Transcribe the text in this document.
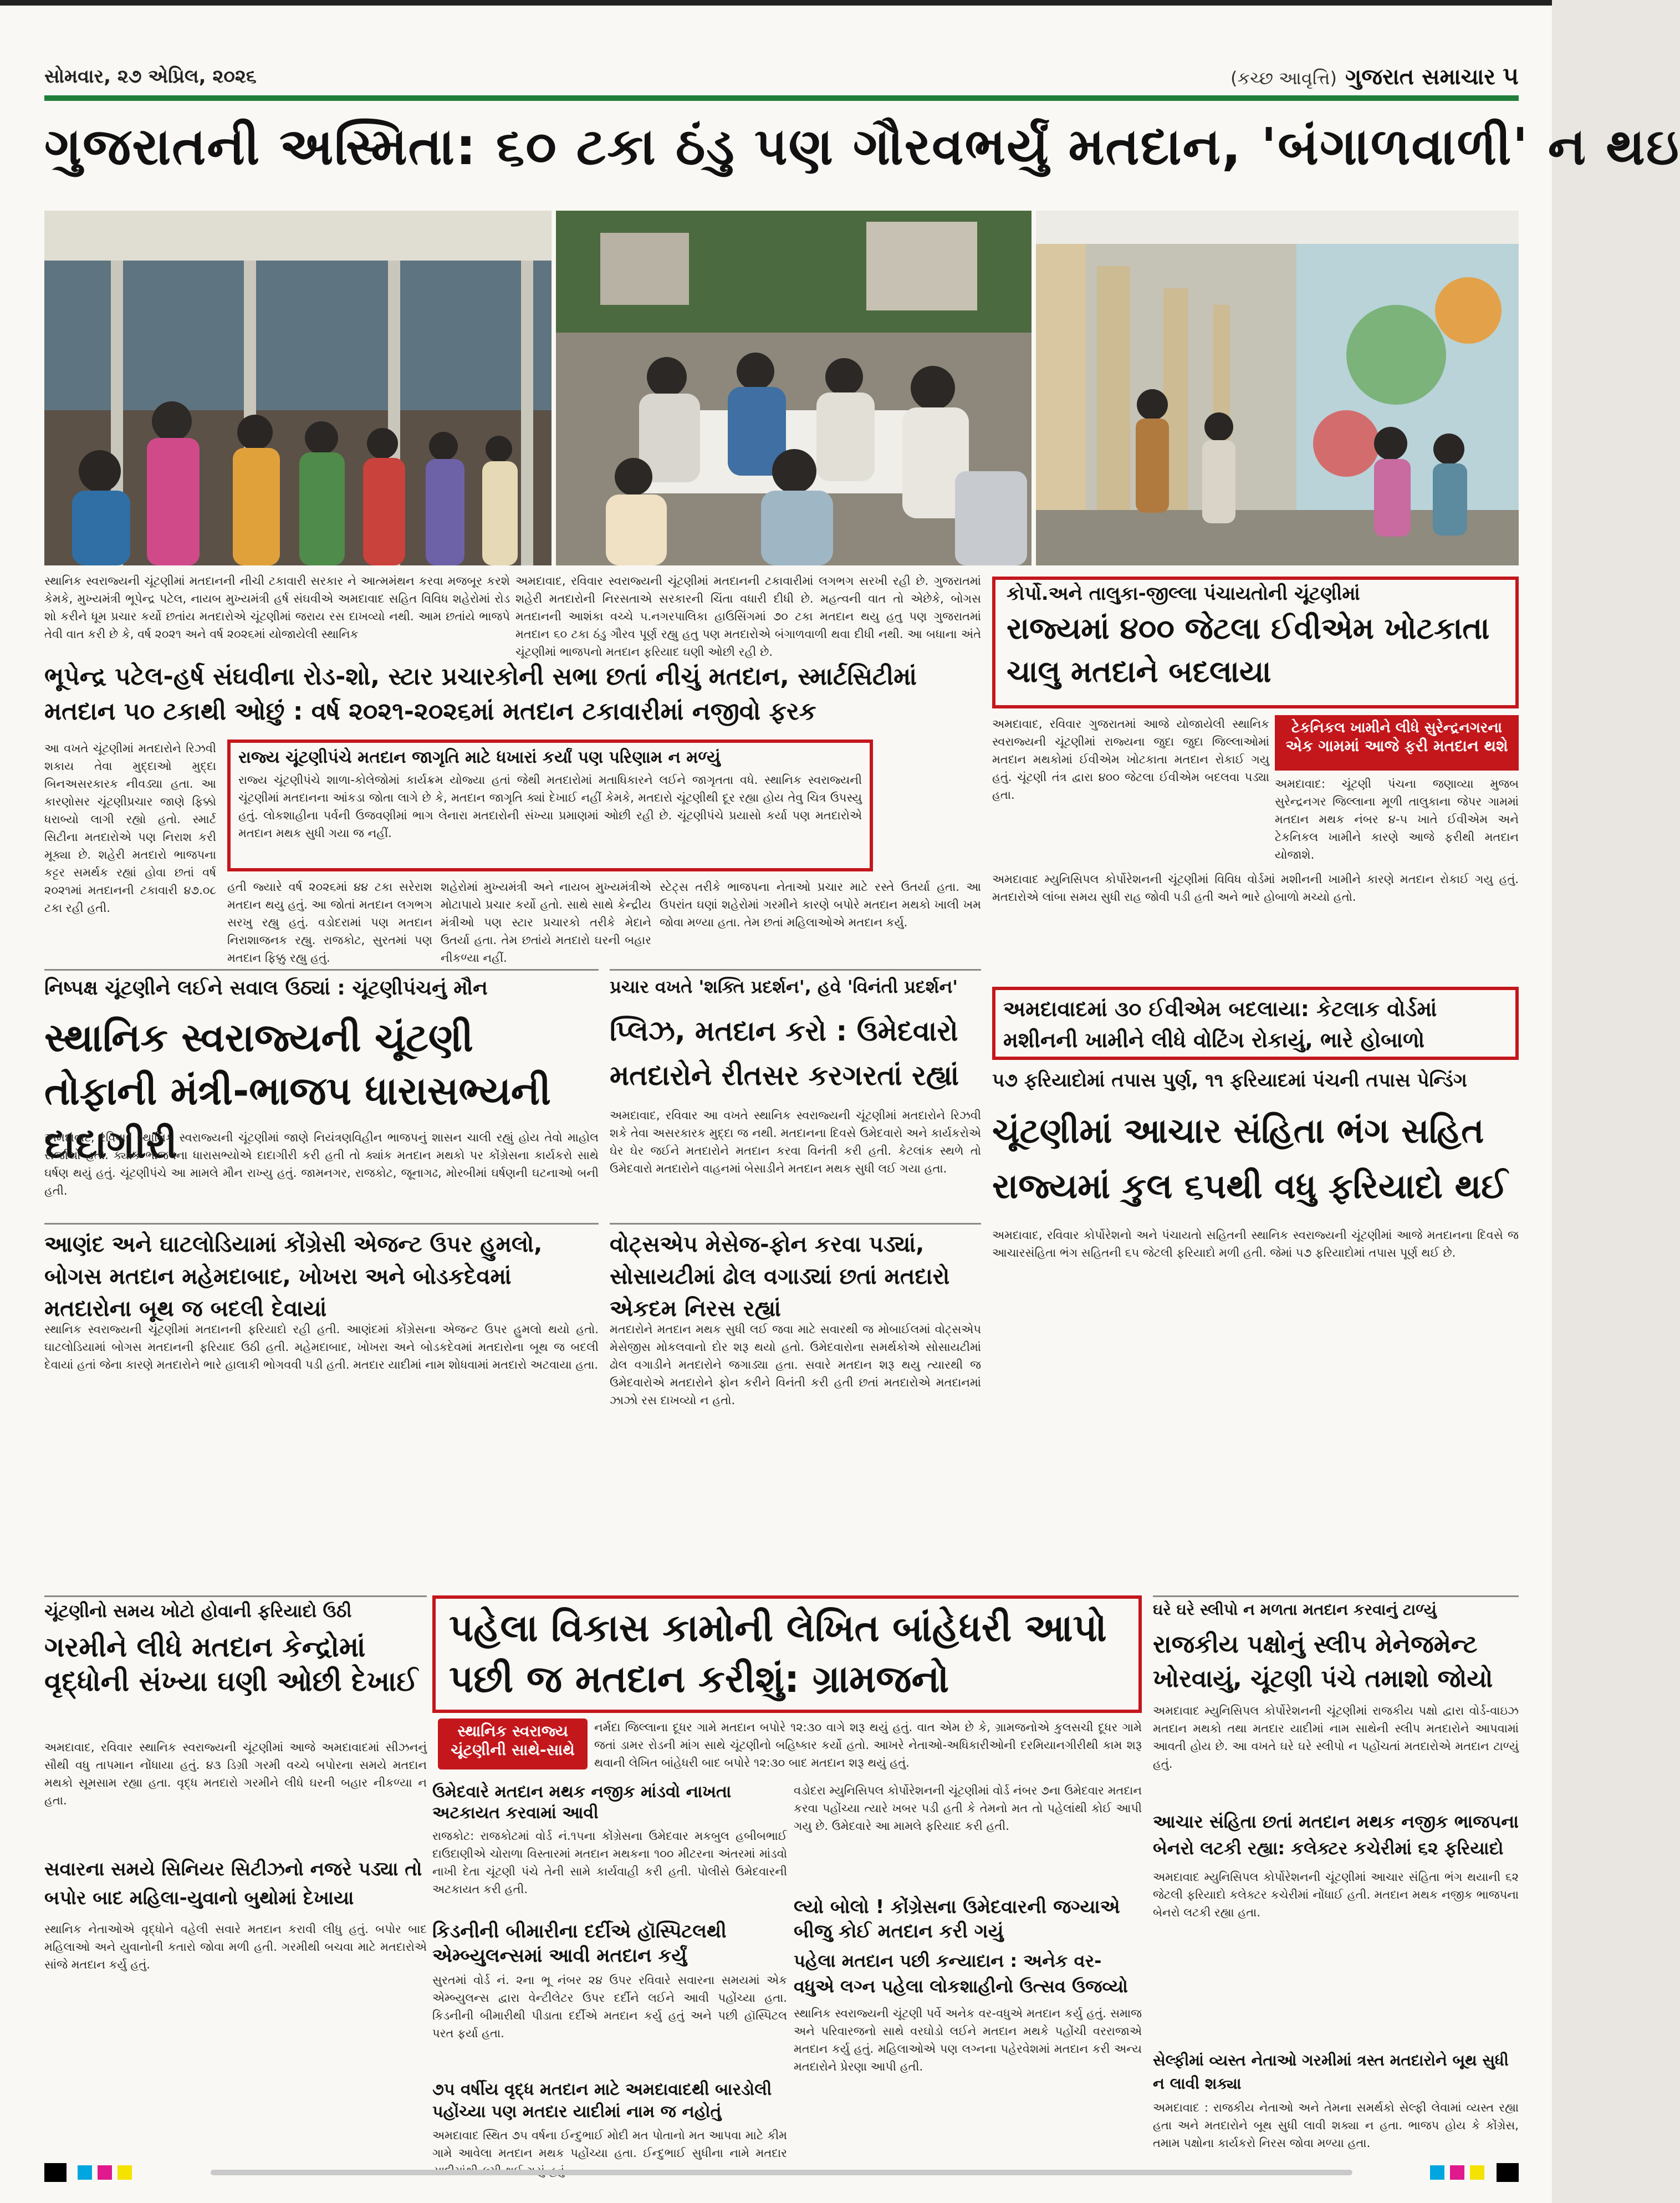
સોમવાર, ૨૭ એપ્રિલ, ૨૦૨૬	(કચ્છ આવૃત્તિ) ગુજરાત સમાચાર ૫
ગુજરાતની અસ્મિતા: ૬૦ ટકા ઠંડુ પણ ગૌરવભર્યું મતદાન, 'બંગાળવાળી' ન થઇ
સ્થાનિક સ્વરાજ્યની ચૂંટણીમાં મતદાનની નીચી ટકાવારી સરકાર ને આત્મમંથન કરવા મજબૂર કરશે કેમકે, મુખ્યમંત્રી ભૂપેન્દ્ર પટેલ, નાયબ મુખ્યમંત્રી હર્ષ સંઘવીએ અમદાવાદ સહિત વિવિધ શહેરોમાં રોડ શો કરીને ધૂમ પ્રચાર કર્યો છતાંય મતદારોએ ચૂંટણીમાં જરાય રસ દાખવ્યો નથી. આમ છતાંયે ભાજપે તેવી વાત કરી છે કે, વર્ષ ૨૦૨૧ અને વર્ષ ૨૦૨૬માં યોજાયેલી સ્થાનિક
અમદાવાદ, રવિવાર સ્વરાજ્યની ચૂંટણીમાં મતદાનની ટકાવારીમાં લગભગ સરખી રહી છે. ગુજરાતમાં શહેરી મતદારોની નિરસતાએ સરકારની ચિંતા વધારી દીધી છે. મહત્વની વાત તો એછેકે, બોગસ મતદાનની આશંકા વચ્ચે ૫.નગરપાલિકા હાઉસિંગમાં ૭૦ ટકા મતદાન થયુ હતુ પણ ગુજરાતમાં મતદાન ૬૦ ટકા ઠંડુ ગૌરવ પૂર્ણ રહ્યુ હતુ પણ મતદારોએ બંગાળવાળી થવા દીધી નથી. આ બધાના અંતે ચૂંટણીમાં ભાજપનો મતદાન ફરિયાદ ઘણી ઓછી રહી છે.
ભૂપેન્દ્ર પટેલ-હર્ષ સંઘવીના રોડ-શો, સ્ટાર પ્રચારકોની સભા છતાં નીચું મતદાન, સ્માર્ટસિટીમાં
મતદાન ૫૦ ટકાથી ઓછું : વર્ષ ૨૦૨૧-૨૦૨૬માં મતદાન ટકાવારીમાં નજીવો ફરક
આ વખતે ચૂંટણીમાં મતદારોને રિઝવી શકાય તેવા મુદ્દાઓ મુદ્દા બિનઅસરકારક નીવડ્યા હતા. આ કારણોસર ચૂંટણીપ્રચાર જાણે ફિક્કો ધરાબ્યો લાગી રહ્યો હતો. સ્માર્ટ સિટીના મતદારોએ પણ નિરાશ કરી મૂક્યા છે. શહેરી મતદારો ભાજપના કટ્ટર સમર્થક રહ્યાં હોવા છતાં વર્ષ ૨૦૨૧માં મતદાનની ટકાવારી ૪૭.૦૮ ટકા રહી હતી.
રાજ્ય ચૂંટણીપંચે મતદાન જાગૃતિ માટે ધખારાં કર્યાં પણ પરિણામ ન મળ્યું
રાજ્ય ચૂંટણીપંચે શાળા-કોલેજોમાં કાર્યક્રમ યોજ્યા હતાં જેથી મતદારોમાં મતાધિકારને લઈને જાગૃતતા વધે. સ્થાનિક સ્વરાજ્યની ચૂંટણીમાં મતદાનના આંકડા જોતા લાગે છે કે, મતદાન જાગૃતિ ક્યાં દેખાઈ નહીં કેમકે, મતદારો ચૂંટણીથી દૂર રહ્યા હોય તેવુ ચિત્ર ઉપસ્યુ હતું. લોકશાહીના પર્વની ઉજવણીમાં ભાગ લેનારા મતદારોની સંખ્યા પ્રમાણમાં ઓછી રહી છે. ચૂંટણીપંચે પ્રયાસો કર્યા પણ મતદારોએ મતદાન મથક સુધી ગયા જ નહીં.
હતી જ્યારે વર્ષ ૨૦૨૬માં ૪૪ ટકા સરેરાશ મતદાન થયુ હતું. આ જોતાં મતદાન લગભગ સરખુ રહ્યુ હતું. વડોદરામાં પણ મતદાન નિરાશાજનક રહ્યુ. રાજકોટ, સુરતમાં પણ મતદાન ફિક્કુ રહ્યુ હતું.
શહેરોમાં મુખ્યમંત્રી અને નાયબ મુખ્યમંત્રીએ મોટાપાયે પ્રચાર કર્યો હતો. સાથે સાથે કેન્દ્રીય મંત્રીઓ પણ સ્ટાર પ્રચારકો તરીકે મેદાને ઉતર્યા હતા. તેમ છતાંયે મતદારો ઘરની બહાર નીકળ્યા નહીં.
સ્ટેટ્સ તરીકે ભાજપના નેતાઓ પ્રચાર માટે રસ્તે ઉતર્યા હતા. આ ઉપરાંત ઘણાં શહેરોમાં ગરમીને કારણે બપોરે મતદાન મથકો ખાલી ખમ જોવા મળ્યા હતા. તેમ છતાં મહિલાઓએ મતદાન કર્યુ.
નિષ્પક્ષ ચૂંટણીને લઈને સવાલ ઉઠ્યાં : ચૂંટણીપંચનું મૌન
સ્થાનિક સ્વરાજ્યની ચૂંટણી તોફાની મંત્રી-ભાજપ ધારાસભ્યની દાદાગીરી
અમદાવાદ, રવિવાર સ્થાનિક સ્વરાજ્યની ચૂંટણીમાં જાણે નિયંત્રણવિહીન ભાજપનું શાસન ચાલી રહ્યું હોય તેવો માહોલ સર્જાયો હતો. ક્યાંક ભાજપના ધારાસભ્યોએ દાદાગીરી કરી હતી તો ક્યાંક મતદાન મથકો પર કોંગ્રેસના કાર્યકરો સાથે ઘર્ષણ થયું હતું. ચૂંટણીપંચે આ મામલે મૌન રાખ્યુ હતું. જામનગર, રાજકોટ, જૂનાગઢ, મોરબીમાં ઘર્ષણની ઘટનાઓ બની હતી.
પ્રચાર વખતે 'શક્તિ પ્રદર્શન', હવે 'વિનંતી પ્રદર્શન'
પ્લિઝ, મતદાન કરો : ઉમેદવારો મતદારોને રીતસર કરગરતાં રહ્યાં
અમદાવાદ, રવિવાર આ વખતે સ્થાનિક સ્વરાજ્યની ચૂંટણીમાં મતદારોને રિઝવી શકે તેવા અસરકારક મુદ્દા જ નથી. મતદાનના દિવસે ઉમેદવારો અને કાર્યકરોએ ઘેર ઘેર જઈને મતદારોને મતદાન કરવા વિનંતી કરી હતી. કેટલાંક સ્થળે તો ઉમેદવારો મતદારોને વાહનમાં બેસાડીને મતદાન મથક સુધી લઈ ગયા હતા.
આણંદ અને ઘાટલોડિયામાં કોંગ્રેસી એજન્ટ ઉપર હુમલો, બોગસ મતદાન મહેમદાબાદ, ખોખરા અને બોડકદેવમાં મતદારોના બૂથ જ બદલી દેવાયાં
સ્થાનિક સ્વરાજ્યની ચૂંટણીમાં મતદાનની ફરિયાદો રહી હતી. આણંદમાં કોંગ્રેસના એજન્ટ ઉપર હુમલો થયો હતો. ઘાટલોડિયામાં બોગસ મતદાનની ફરિયાદ ઉઠી હતી. મહેમદાબાદ, ખોખરા અને બોડકદેવમાં મતદારોના બૂથ જ બદલી દેવાયાં હતાં જેના કારણે મતદારોને ભારે હાલાકી ભોગવવી પડી હતી. મતદાર યાદીમાં નામ શોધવામાં મતદારો અટવાયા હતા.
વોટ્સએપ મેસેજ-ફોન કરવા પડ્યાં, સોસાયટીમાં ઢોલ વગાડ્યાં છતાં મતદારો એકદમ નિરસ રહ્યાં
મતદારોને મતદાન મથક સુધી લઈ જવા માટે સવારથી જ મોબાઈલમાં વોટ્સએપ મેસેજીસ મોકલવાનો દોર શરૂ થયો હતો. ઉમેદવારોના સમર્થકોએ સોસાયટીમાં ઢોલ વગાડીને મતદારોને જગાડ્યા હતા. સવારે મતદાન શરૂ થયુ ત્યારથી જ ઉમેદવારોએ મતદારોને ફોન કરીને વિનંતી કરી હતી છતાં મતદારોએ મતદાનમાં ઝાઝો રસ દાખવ્યો ન હતો.
ચૂંટણીનો સમય ખોટો હોવાની ફરિયાદો ઉઠી
ગરમીને લીધે મતદાન કેન્દ્રોમાં વૃદ્ધોની સંખ્યા ઘણી ઓછી દેખાઈ
અમદાવાદ, રવિવાર સ્થાનિક સ્વરાજ્યની ચૂંટણીમાં આજે અમદાવાદમાં સીઝનનું સૌથી વધુ તાપમાન નોંધાયા હતું. ૪૩ ડિગ્રી ગરમી વચ્ચે બપોરના સમયે મતદાન મથકો સૂમસામ રહ્યા હતા. વૃદ્ધ મતદારો ગરમીને લીધે ઘરની બહાર નીકળ્યા ન હતા.
સવારના સમયે સિનિયર સિટીઝનો નજરે પડ્યા તો બપોર બાદ મહિલા-યુવાનો બુથોમાં દેખાયા
સ્થાનિક નેતાઓએ વૃદ્ધોને વહેલી સવારે મતદાન કરાવી લીધુ હતું. બપોર બાદ મહિલાઓ અને યુવાનોની કતારો જોવા મળી હતી. ગરમીથી બચવા માટે મતદારોએ સાંજે મતદાન કર્યુ હતું.
પહેલા વિકાસ કામોની લેખિત બાંહેધરી આપો પછી જ મતદાન કરીશું: ગ્રામજનો
સ્થાનિક સ્વરાજ્ય
ચૂંટણીની સાથે-સાથે
નર્મદા જિલ્લાના દૂધર ગામે મતદાન બપોરે ૧૨:૩૦ વાગે શરૂ થયું હતું. વાત એમ છે કે, ગ્રામજનોએ કુલસચી દૂધર ગામે જતાં ડામર રોડની માંગ સાથે ચૂંટણીનો બહિષ્કાર કર્યો હતો. આખરે નેતાઓ-અધિકારીઓની દરમિયાનગીરીથી કામ શરૂ થવાની લેખિત બાંહેધરી બાદ બપોરે ૧૨:૩૦ બાદ મતદાન શરૂ થયું હતું.
ઉમેદવારે મતદાન મથક નજીક માંડવો નાખતા અટકાયત કરવામાં આવી
રાજકોટ: રાજકોટમાં વોર્ડ નં.૧૫ના કોંગ્રેસના ઉમેદવાર મકબુલ હબીબભાઈ દાઉદાણીએ ચોરાળા વિસ્તારમાં મતદાન મથકના ૧૦૦ મીટરના અંતરમાં માંડવો નાખી દેતા ચૂંટણી પંચે તેની સામે કાર્યવાહી કરી હતી. પોલીસે ઉમેદવારની અટકાયત કરી હતી.
કિડનીની બીમારીના દર્દીએ હૉસ્પિટલથી એમ્બ્યુલન્સમાં આવી મતદાન કર્યું
સુરતમાં વોર્ડ નં. ૨ના ભૂ નંબર ૨૪ ઉપર રવિવારે સવારના સમયમાં એક એમ્બ્યુલન્સ દ્વારા વેન્ટીલેટર ઉપર દર્દીને લઈને આવી પહોંચ્યા હતા. કિડનીની બીમારીથી પીડાતા દર્દીએ મતદાન કર્યુ હતું અને પછી હૉસ્પિટલ પરત ફર્યા હતા.
૭૫ વર્ષીય વૃદ્ધ મતદાન માટે અમદાવાદથી બારડોલી પહોંચ્યા પણ મતદાર યાદીમાં નામ જ નહોતું
અમદાવાદ સ્થિત ૭૫ વર્ષના ઈન્દુભાઈ મોદી મત પોતાનો મત આપવા માટે કીમ ગામે આવેલા મતદાન મથક પહોંચ્યા હતા. ઈન્દુભાઈ સુધીના નામે મતદાર
વડોદરા મ્યુનિસિપલ કોર્પોરેશનની ચૂંટણીમાં વોર્ડ નંબર ૭ના ઉમેદવાર મતદાન કરવા પહોંચ્યા ત્યારે ખબર પડી હતી કે તેમનો મત તો પહેલાંથી કોઈ આપી ગયુ છે. ઉમેદવારે આ મામલે ફરિયાદ કરી હતી.
લ્યો બોલો ! કોંગ્રેસના ઉમેદવારની જગ્યાએ બીજુ કોઈ મતદાન કરી ગયું
પહેલા મતદાન પછી કન્યાદાન : અનેક વર-વધુએ લગ્ન પહેલા લોકશાહીનો ઉત્સવ ઉજવ્યો
સ્થાનિક સ્વરાજ્યની ચૂંટણી પર્વે અનેક વર-વધુએ મતદાન કર્યુ હતું. સમાજ અને પરિવારજનો સાથે વરઘોડો લઈને મતદાન મથકે પહોંચી વરરાજાએ મતદાન કર્યુ હતું. મહિલાઓએ પણ લગ્નના પહેરવેશમાં મતદાન કરી અન્ય મતદારોને પ્રેરણા આપી હતી.
કોર્પો.અને તાલુકા-જીલ્લા પંચાયતોની ચૂંટણીમાં
રાજ્યમાં ૪૦૦ જેટલા ઈવીએમ ખોટકાતા ચાલુ મતદાને બદલાયા
અમદાવાદ, રવિવાર ગુજરાતમાં આજે યોજાયેલી સ્થાનિક સ્વરાજ્યની ચૂંટણીમાં રાજ્યના જુદા જુદા જિલ્લાઓમાં મતદાન મથકોમાં ઈવીએમ ખોટકાતા મતદાન રોકાઈ ગયુ હતું. ચૂંટણી તંત્ર દ્વારા ૪૦૦ જેટલા ઈવીએમ બદલવા પડ્યા હતા.
ટેકનિકલ ખામીને લીધે સુરેન્દ્રનગરના
એક ગામમાં આજે ફરી મતદાન થશે
અમદાવાદ: ચૂંટણી પંચના જણાવ્યા મુજબ સુરેન્દ્રનગર જિલ્લાના મૂળી તાલુકાના જેપર ગામમાં મતદાન મથક નંબર ૪-૫ ખાતે ઈવીએમ અને ટેકનિકલ ખામીને કારણે આજે ફરીથી મતદાન યોજાશે.
અમદાવાદ મ્યુનિસિપલ કોર્પોરેશનની ચૂંટણીમાં વિવિધ વોર્ડમાં મશીનની ખામીને કારણે મતદાન રોકાઈ ગયુ હતું. મતદારોએ લાંબા સમય સુધી રાહ જોવી પડી હતી અને ભારે હોબાળો મચ્યો હતો.
અમદાવાદમાં ૩૦ ઈવીએમ બદલાયા: કેટલાક વોર્ડમાં મશીનની ખામીને લીધે વોટિંગ રોકાયું, ભારે હોબાળો
૫૭ ફરિયાદોમાં તપાસ પુર્ણ, ૧૧ ફરિયાદમાં પંચની તપાસ પેન્ડિંગ
ચૂંટણીમાં આચાર સંહિતા ભંગ સહિત રાજ્યમાં કુલ ૬૫થી વધુ ફરિયાદો થઈ
અમદાવાદ, રવિવાર કોર્પોરેશનો અને પંચાયતો સહિતની સ્થાનિક સ્વરાજ્યની ચૂંટણીમાં આજે મતદાનના દિવસે જ આચારસંહિતા ભંગ સહિતની ૬૫ જેટલી ફરિયાદો મળી હતી. જેમાં ૫૭ ફરિયાદોમાં તપાસ પૂર્ણ થઈ છે.
ઘરે ઘરે સ્લીપો ન મળતા મતદાન કરવાનું ટાળ્યું
રાજકીય પક્ષોનું સ્લીપ મેનેજમેન્ટ ખોરવાયું, ચૂંટણી પંચે તમાશો જોયો
અમદાવાદ મ્યુનિસિપલ કોર્પોરેશનની ચૂંટણીમાં રાજકીય પક્ષો દ્વારા વોર્ડ-વાઇઝ મતદાન મથકો તથા મતદાર યાદીમાં નામ સાથેની સ્લીપ મતદારોને આપવામાં આવતી હોય છે. આ વખતે ઘરે ઘરે સ્લીપો ન પહોંચતાં મતદારોએ મતદાન ટાળ્યું હતું.
આચાર સંહિતા છતાં મતદાન મથક નજીક ભાજપના બેનરો લટકી રહ્યા: કલેક્ટર કચેરીમાં ૬૨ ફરિયાદો
અમદાવાદ મ્યુનિસિપલ કોર્પોરેશનની ચૂંટણીમાં આચાર સંહિતા ભંગ થયાની ૬૨ જેટલી ફરિયાદો કલેક્ટર કચેરીમાં નોંધાઈ હતી. મતદાન મથક નજીક ભાજપના બેનરો લટકી રહ્યા હતા.
સેલ્ફીમાં વ્યસ્ત નેતાઓ ગરમીમાં ત્રસ્ત મતદારોને બૂથ સુધી ન લાવી શક્યા
અમદાવાદ : રાજકીય નેતાઓ અને તેમના સમર્થકો સેલ્ફી લેવામાં વ્યસ્ત રહ્યા હતા અને મતદારોને બૂથ સુધી લાવી શક્યા ન હતા. ભાજપ હોય કે કોંગ્રેસ, તમામ પક્ષોના કાર્યકરો નિરસ જોવા મળ્યા હતા.
